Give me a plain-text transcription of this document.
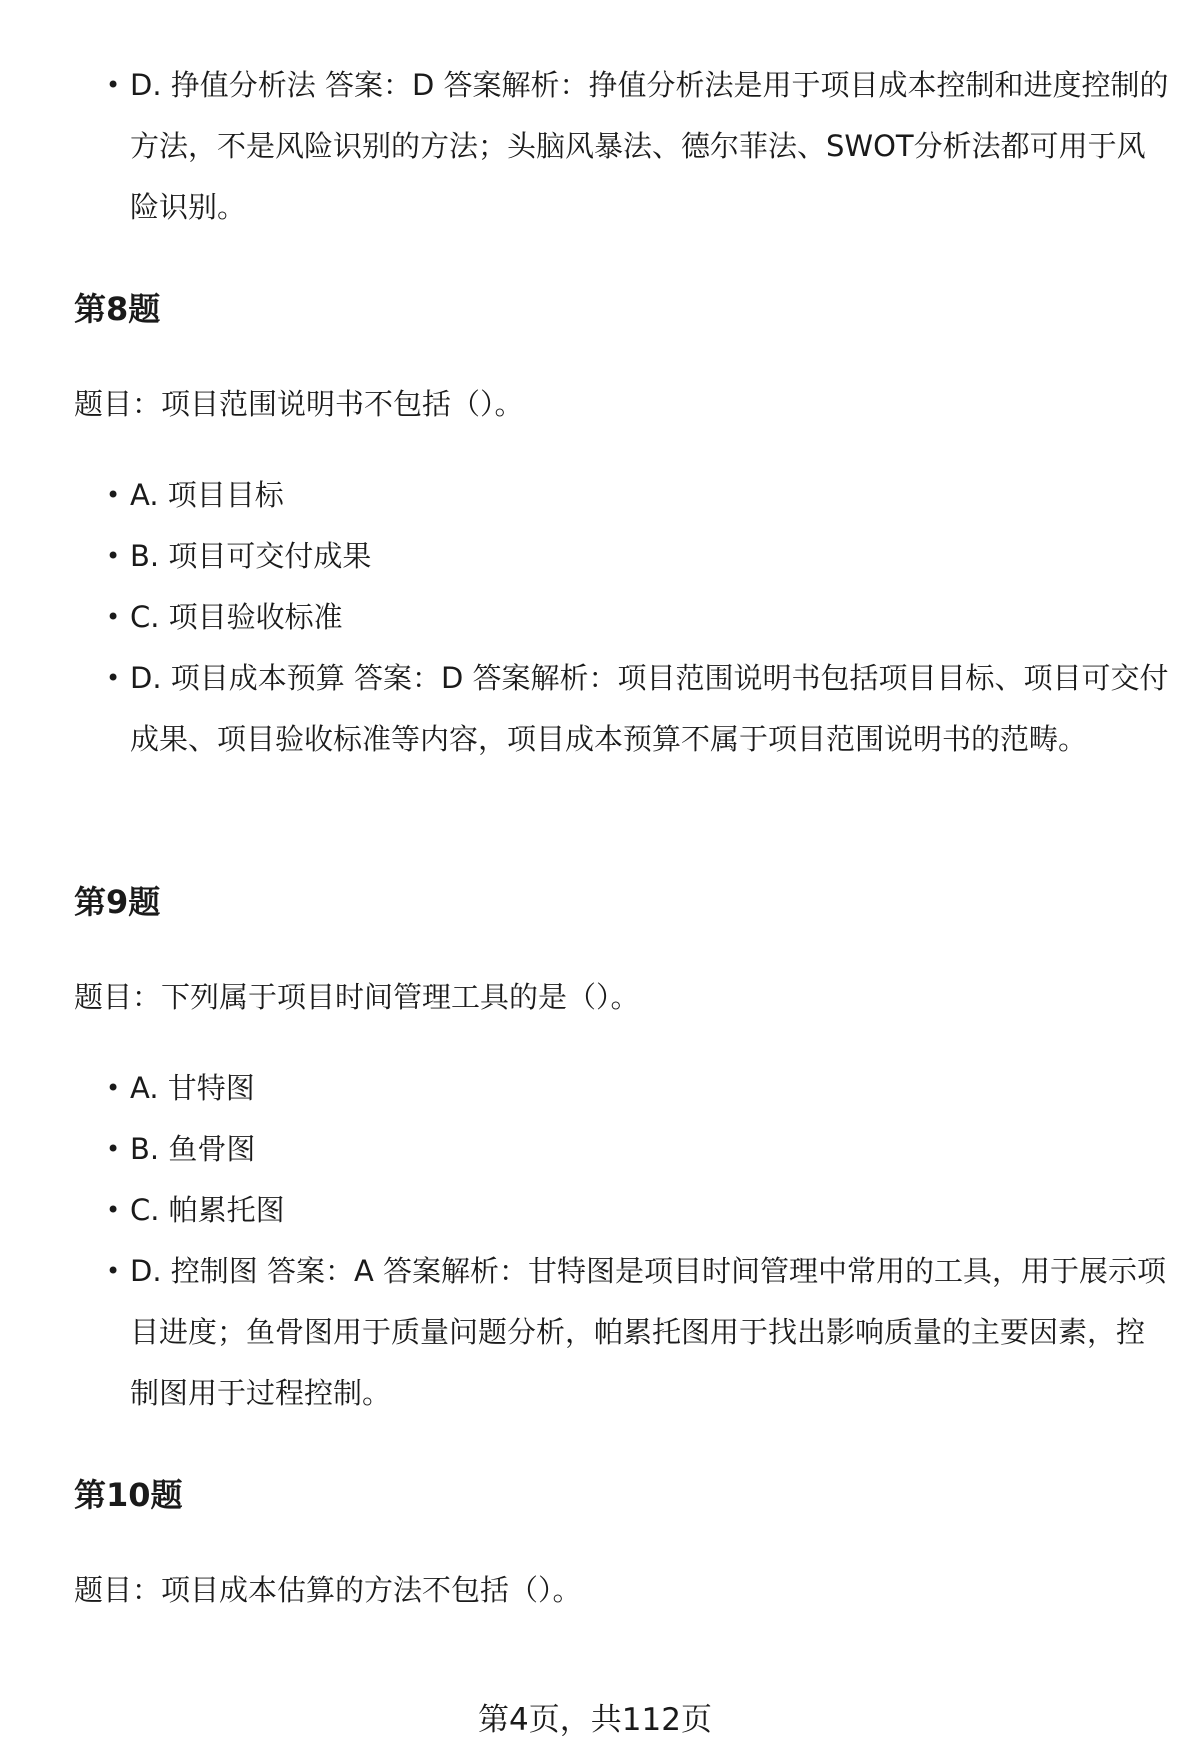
• D. 挣值分析法 答案：D 答案解析：挣值分析法是用于项目成本控制和进度控制的方法，不是风险识别的方法；头脑风暴法、德尔菲法、SWOT分析法都可用于风险识别。
第8题

题目：项目范围说明书不包括（）。

• A. 项目目标
• B. 项目可交付成果
• C. 项目验收标准
• D. 项目成本预算 答案：D 答案解析：项目范围说明书包括项目目标、项目可交付成果、项目验收标准等内容，项目成本预算不属于项目范围说明书的范畴。
第9题

题目：下列属于项目时间管理工具的是（）。

• A. 甘特图
• B. 鱼骨图
• C. 帕累托图
• D. 控制图 答案：A 答案解析：甘特图是项目时间管理中常用的工具，用于展示项目进度；鱼骨图用于质量问题分析，帕累托图用于找出影响质量的主要因素，控制图用于过程控制。
第10题

题目：项目成本估算的方法不包括（）。

第4页，共112页
